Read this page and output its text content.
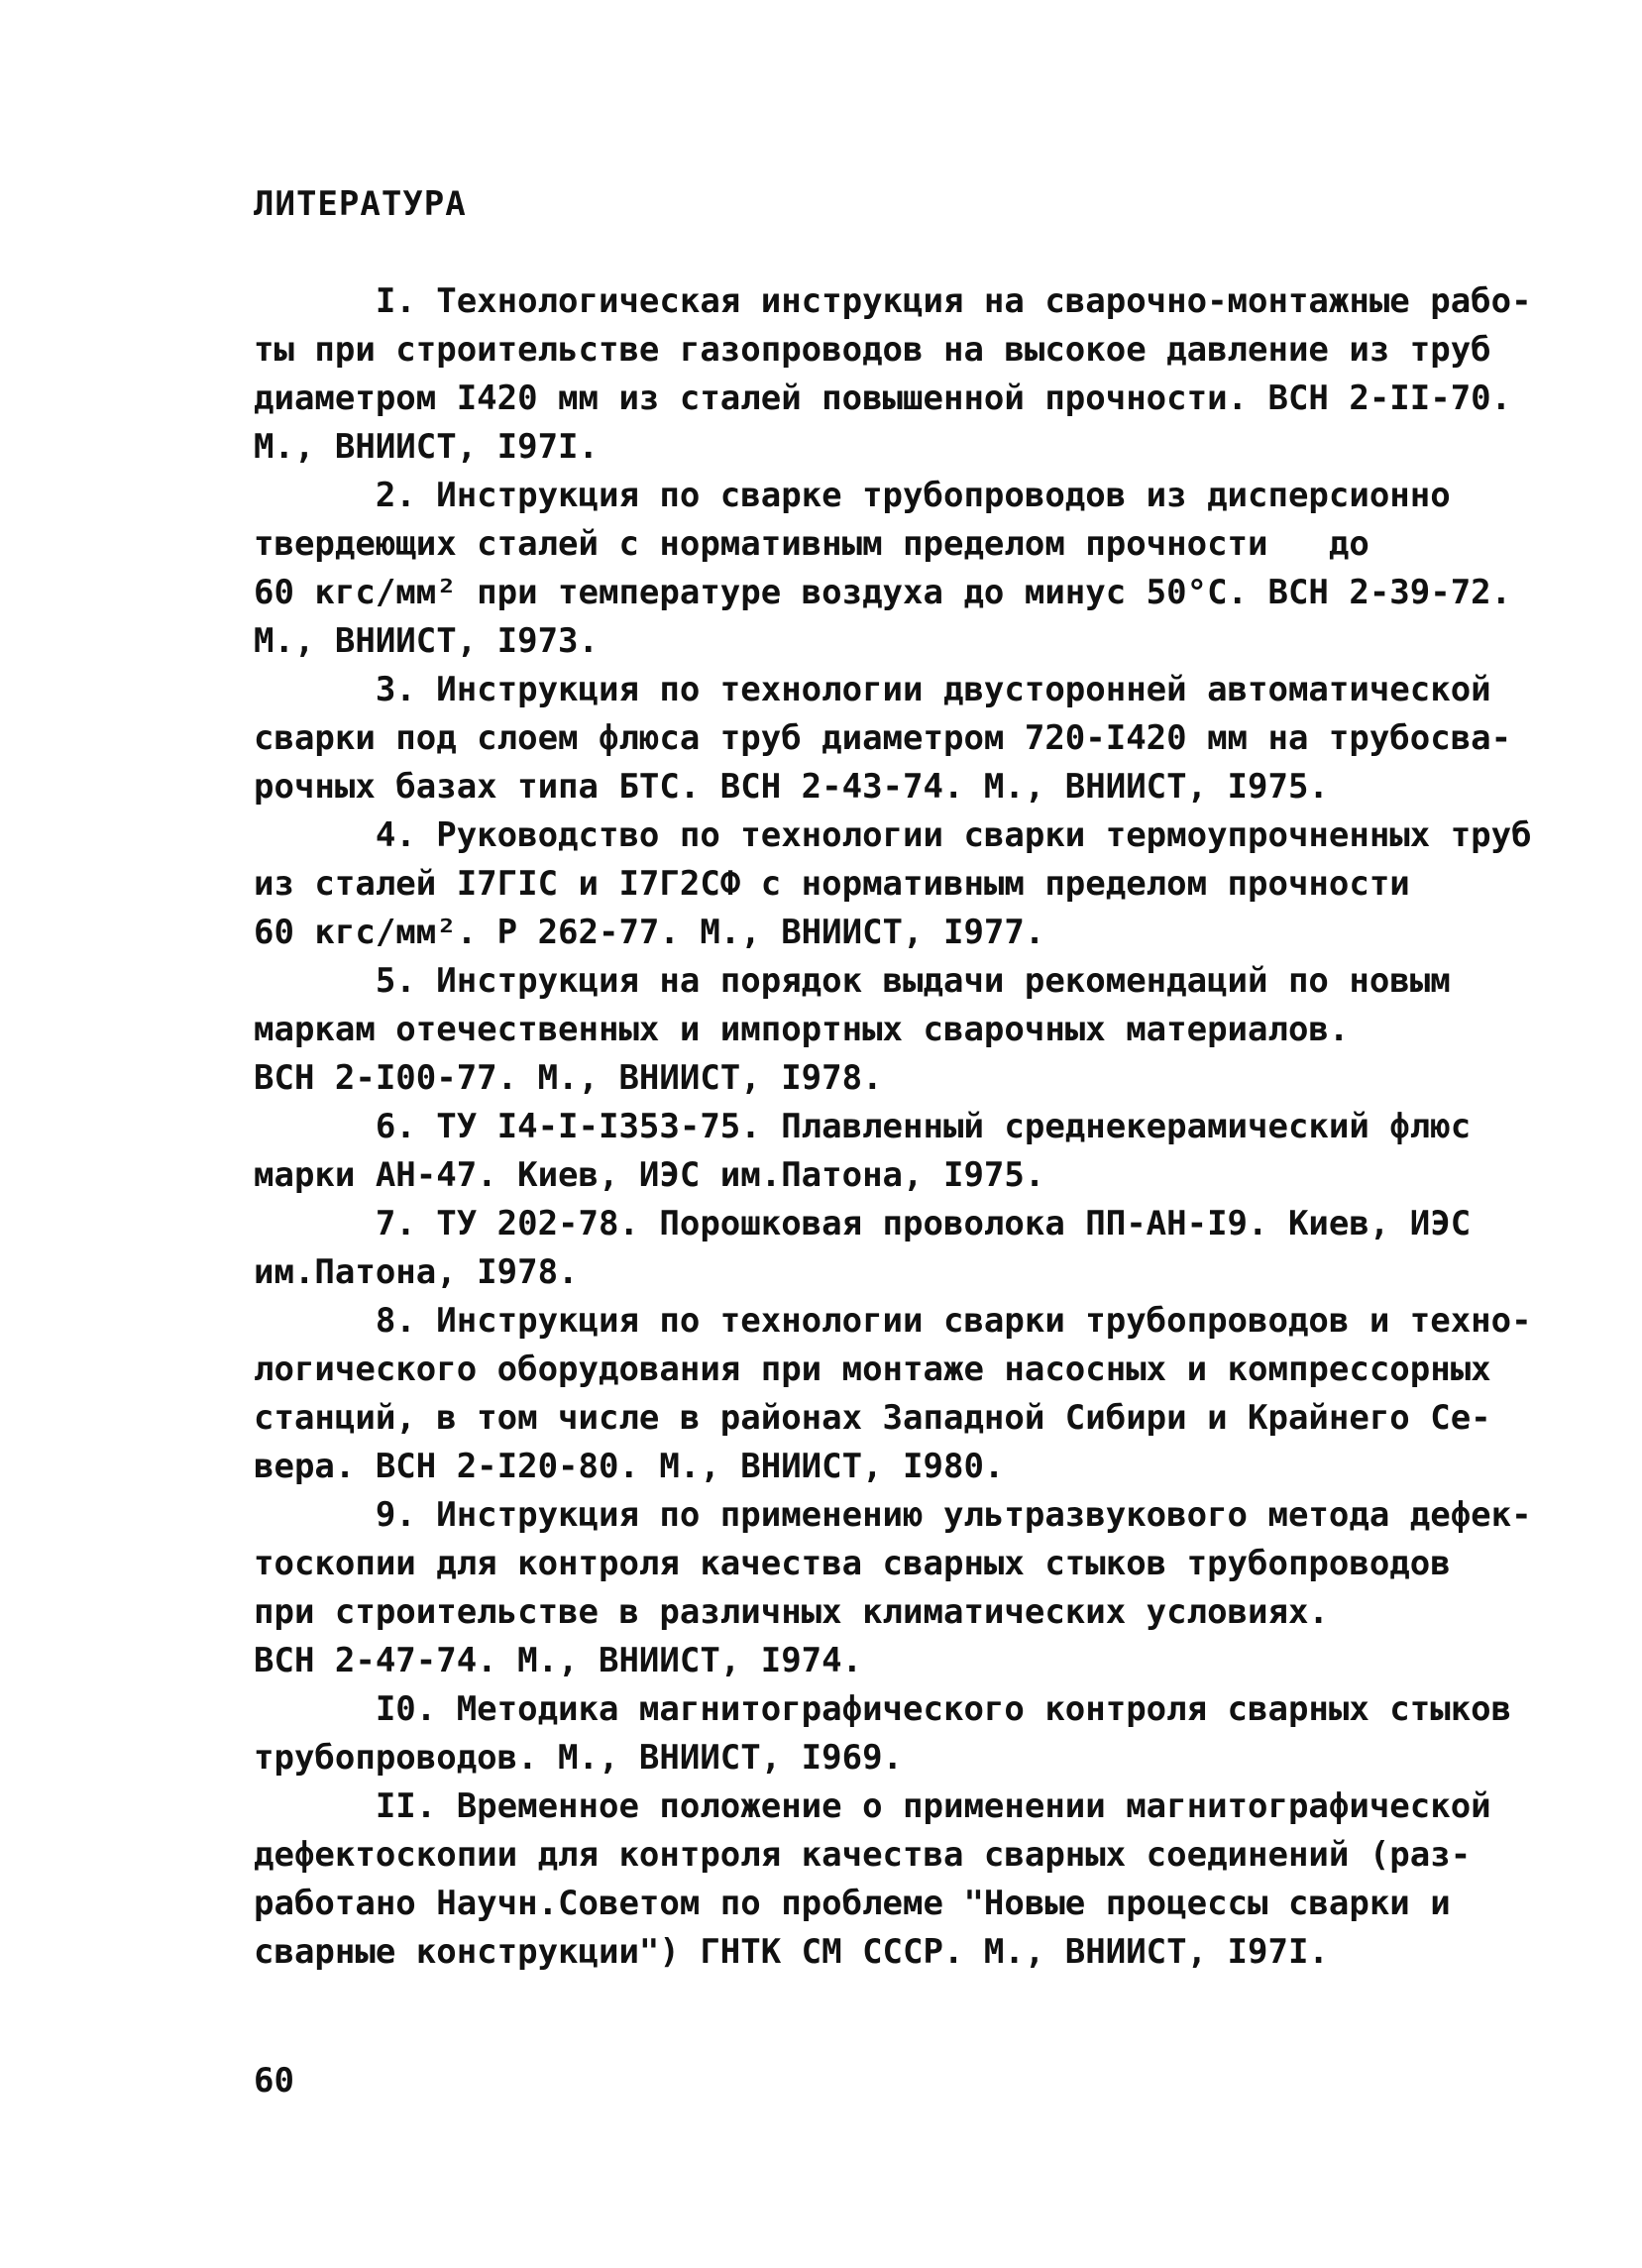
ЛИТЕРАТУРА
I. Технологическая инструкция на сварочно-монтажные рабо-
ты при строительстве газопроводов на высокое давление из труб
диаметром I420 мм из сталей повышенной прочности. ВСН 2-II-70.
М., ВНИИСТ, I97I.
2. Инструкция по сварке трубопроводов из дисперсионно
твердеющих сталей с нормативным пределом прочности   до
60 кгс/мм² при температуре воздуха до минус 50°С. ВСН 2-39-72.
М., ВНИИСТ, I973.
3. Инструкция по технологии двусторонней автоматической
сварки под слоем флюса труб диаметром 720-I420 мм на трубосва-
рочных базах типа БТС. ВСН 2-43-74. М., ВНИИСТ, I975.
4. Руководство по технологии сварки термоупрочненных труб
из сталей I7ГIС и I7Г2СФ с нормативным пределом прочности
60 кгс/мм². Р 262-77. М., ВНИИСТ, I977.
5. Инструкция на порядок выдачи рекомендаций по новым
маркам отечественных и импортных сварочных материалов.
ВСН 2-I00-77. М., ВНИИСТ, I978.
6. ТУ I4-I-I353-75. Плавленный среднекерамический флюс
марки АН-47. Киев, ИЭС им.Патона, I975.
7. ТУ 202-78. Порошковая проволока ПП-АН-I9. Киев, ИЭС
им.Патона, I978.
8. Инструкция по технологии сварки трубопроводов и техно-
логического оборудования при монтаже насосных и компрессорных
станций, в том числе в районах Западной Сибири и Крайнего Се-
вера. ВСН 2-I20-80. М., ВНИИСТ, I980.
9. Инструкция по применению ультразвукового метода дефек-
тоскопии для контроля качества сварных стыков трубопроводов
при строительстве в различных климатических условиях.
ВСН 2-47-74. М., ВНИИСТ, I974.
I0. Методика магнитографического контроля сварных стыков
трубопроводов. М., ВНИИСТ, I969.
II. Временное положение о применении магнитографической
дефектоскопии для контроля качества сварных соединений (раз-
работано Научн.Советом по проблеме "Новые процессы сварки и
сварные конструкции") ГНТК СМ СССР. М., ВНИИСТ, I97I.
60
